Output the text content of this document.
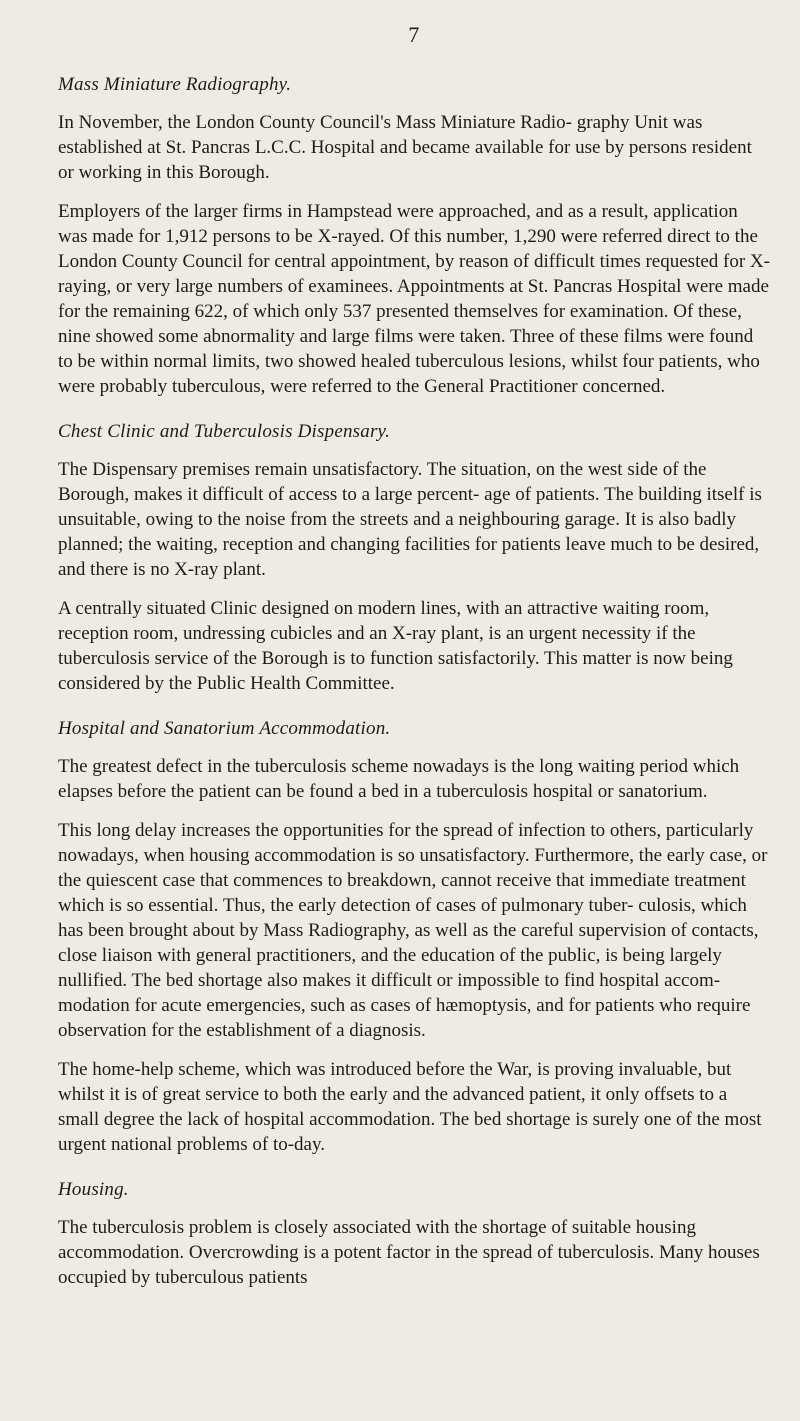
7
Mass Miniature Radiography.

In November, the London County Council's Mass Miniature Radio- graphy Unit was established at St. Pancras L.C.C. Hospital and became available for use by persons resident or working in this Borough.

Employers of the larger firms in Hampstead were approached, and as a result, application was made for 1,912 persons to be X-rayed. Of this number, 1,290 were referred direct to the London County Council for central appointment, by reason of difficult times requested for X-raying, or very large numbers of examinees. Appointments at St. Pancras Hospital were made for the remaining 622, of which only 537 presented themselves for examination. Of these, nine showed some abnormality and large films were taken. Three of these films were found to be within normal limits, two showed healed tuberculous lesions, whilst four patients, who were probably tuberculous, were referred to the General Practitioner concerned.

Chest Clinic and Tuberculosis Dispensary.

The Dispensary premises remain unsatisfactory. The situation, on the west side of the Borough, makes it difficult of access to a large percent- age of patients. The building itself is unsuitable, owing to the noise from the streets and a neighbouring garage. It is also badly planned; the waiting, reception and changing facilities for patients leave much to be desired, and there is no X-ray plant.

A centrally situated Clinic designed on modern lines, with an attractive waiting room, reception room, undressing cubicles and an X-ray plant, is an urgent necessity if the tuberculosis service of the Borough is to function satisfactorily. This matter is now being considered by the Public Health Committee.

Hospital and Sanatorium Accommodation.

The greatest defect in the tuberculosis scheme nowadays is the long waiting period which elapses before the patient can be found a bed in a tuberculosis hospital or sanatorium.

This long delay increases the opportunities for the spread of infection to others, particularly nowadays, when housing accommodation is so unsatisfactory. Furthermore, the early case, or the quiescent case that commences to breakdown, cannot receive that immediate treatment which is so essential. Thus, the early detection of cases of pulmonary tuber- culosis, which has been brought about by Mass Radiography, as well as the careful supervision of contacts, close liaison with general practitioners, and the education of the public, is being largely nullified. The bed shortage also makes it difficult or impossible to find hospital accom- modation for acute emergencies, such as cases of hæmoptysis, and for patients who require observation for the establishment of a diagnosis.

The home-help scheme, which was introduced before the War, is proving invaluable, but whilst it is of great service to both the early and the advanced patient, it only offsets to a small degree the lack of hospital accommodation. The bed shortage is surely one of the most urgent national problems of to-day.

Housing.

The tuberculosis problem is closely associated with the shortage of suitable housing accommodation. Overcrowding is a potent factor in the spread of tuberculosis. Many houses occupied by tuberculous patients
